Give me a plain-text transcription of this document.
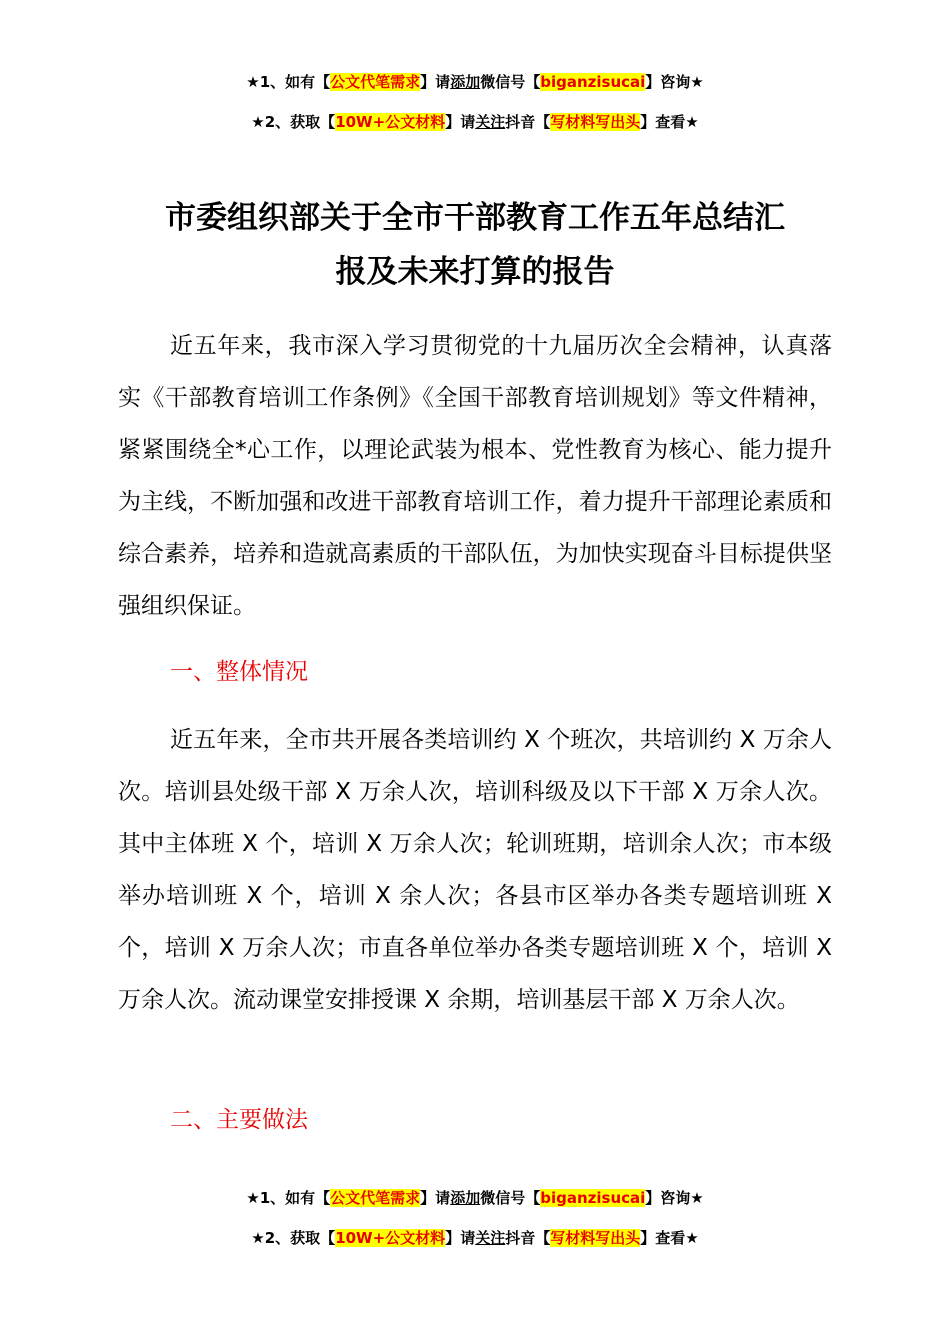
★1、如有【公文代笔需求】请添加微信号【biganzisucai】咨询★
★2、获取【10W+公文材料】请关注抖音【写材料写出头】查看★
市委组织部关于全市干部教育工作五年总结汇
报及未来打算的报告

近五年来，我市深入学习贯彻党的十九届历次全会精神，认真落实《干部教育培训工作条例》《全国干部教育培训规划》等文件精神，紧紧围绕全*心工作，以理论武装为根本、党性教育为核心、能力提升为主线，不断加强和改进干部教育培训工作，着力提升干部理论素质和综合素养，培养和造就高素质的干部队伍，为加快实现奋斗目标提供坚强组织保证。

一、整体情况

近五年来，全市共开展各类培训约 X 个班次，共培训约 X 万余人次。培训县处级干部 X 万余人次，培训科级及以下干部 X 万余人次。其中主体班 X 个，培训 X 万余人次；轮训班期，培训余人次；市本级举办培训班 X 个，培训 X 余人次；各县市区举办各类专题培训班 X 个，培训 X 万余人次；市直各单位举办各类专题培训班 X 个，培训 X 万余人次。流动课堂安排授课 X 余期，培训基层干部 X 万余人次。

二、主要做法
★1、如有【公文代笔需求】请添加微信号【biganzisucai】咨询★
★2、获取【10W+公文材料】请关注抖音【写材料写出头】查看★
